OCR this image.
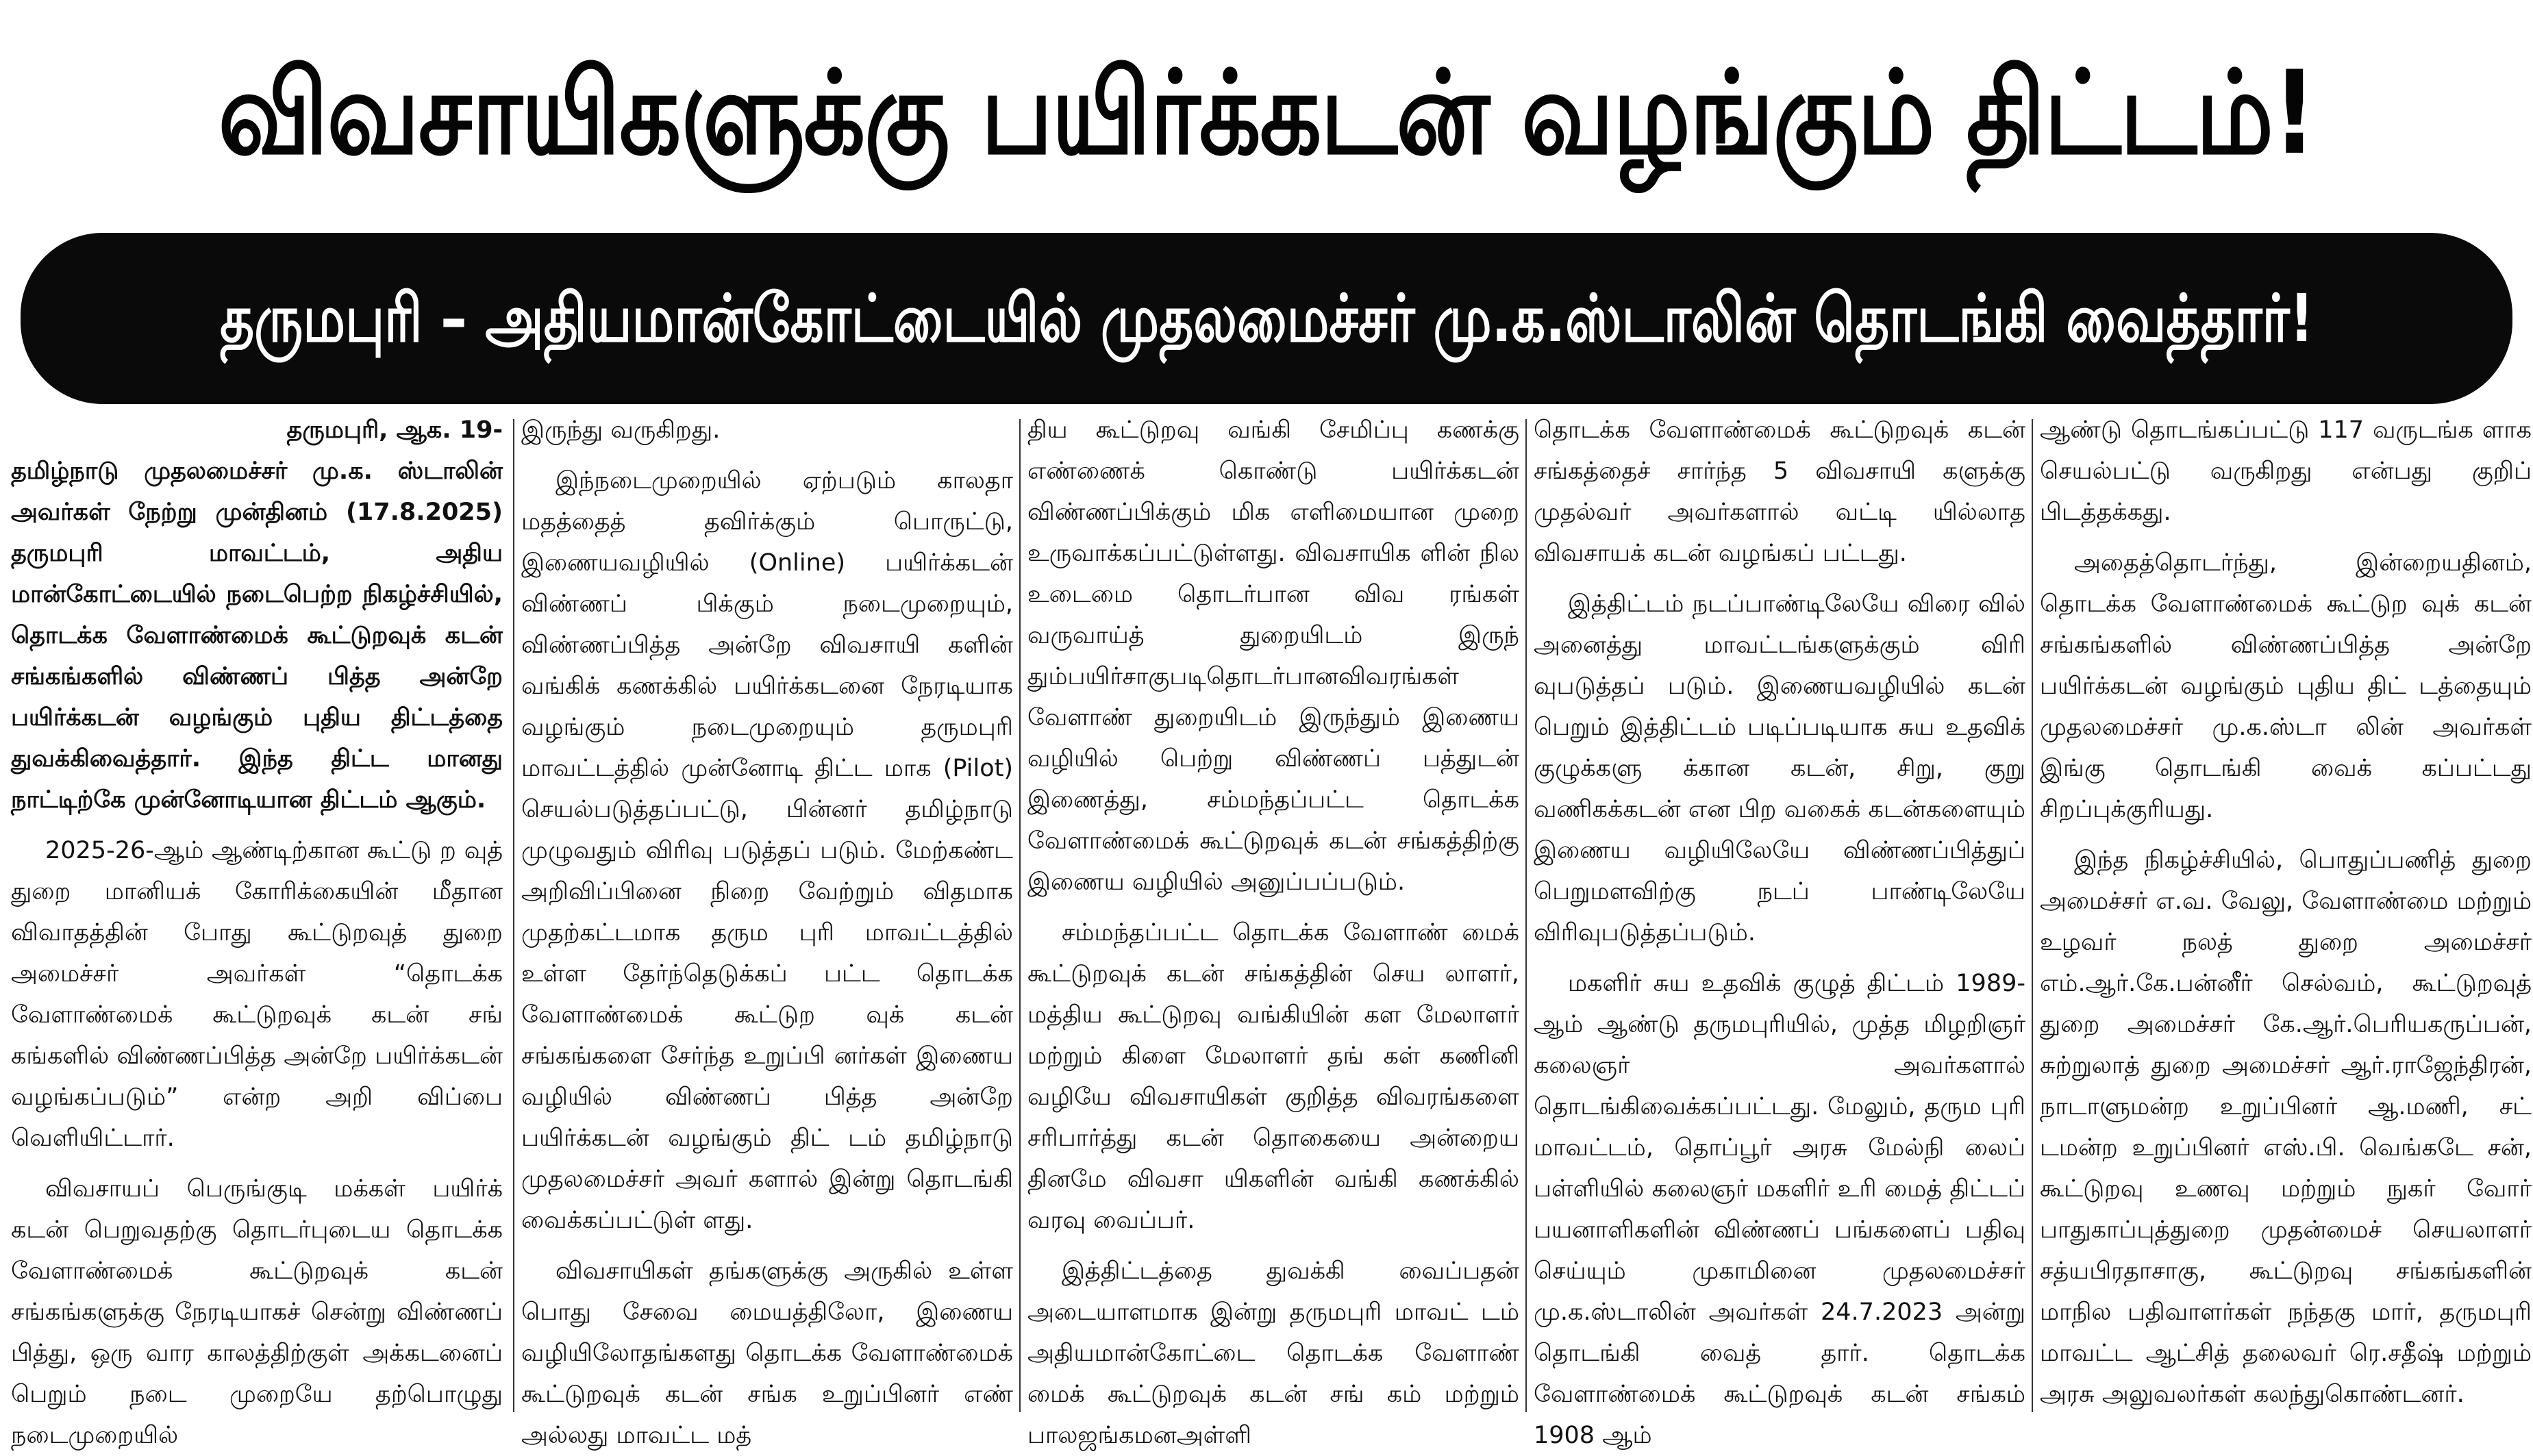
விவசாயிகளுக்கு பயிர்க்கடன் வழங்கும் திட்டம்!
தருமபுரி – அதியமான்கோட்டையில் முதலமைச்சர் மு.க.ஸ்டாலின் தொடங்கி வைத்தார்!

தருமபுரி, ஆக. 19-
தமிழ்நாடு முதலமைச்சர் மு.க. ஸ்டாலின் அவர்கள் நேற்று முன்தினம் (17.8.2025) தருமபுரி மாவட்டம், அதிய மான்கோட்டையில் நடைபெற்ற நிகழ்ச்சியில், தொடக்க வேளாண்மைக் கூட்டுறவுக் கடன் சங்கங்களில் விண்ணப் பித்த அன்றே பயிர்க்கடன் வழங்கும் புதிய திட்டத்தை துவக்கிவைத்தார். இந்த திட்ட மானது நாட்டிற்கே முன்னோடியான திட்டம் ஆகும்.

2025-26-ஆம் ஆண்டிற்கான கூட்டு ற வுத் துறை மானியக் கோரிக்கையின் மீதான விவாதத்தின் போது கூட்டுறவுத் துறை அமைச்சர் அவர்கள் “தொடக்க வேளாண்மைக் கூட்டுறவுக் கடன் சங் கங்களில் விண்ணப்பித்த அன்றே பயிர்க்கடன் வழங்கப்படும்” என்ற அறி விப்பை வெளியிட்டார்.

விவசாயப் பெருங்குடி மக்கள் பயிர்க் கடன் பெறுவதற்கு தொடர்புடைய தொடக்க வேளாண்மைக் கூட்டுறவுக் கடன் சங்கங்களுக்கு நேரடியாகச் சென்று விண்ணப் பித்து, ஒரு வார காலத்திற்குள் அக்கடனைப் பெறும் நடை முறையே தற்பொழுது நடைமுறையில்

இருந்து வருகிறது.

இந்நடைமுறையில் ஏற்படும் காலதா மதத்தைத் தவிர்க்கும் பொருட்டு, இணையவழியில் (Online) பயிர்க்கடன் விண்ணப் பிக்கும் நடைமுறையும், விண்ணப்பித்த அன்றே விவசாயி களின் வங்கிக் கணக்கில் பயிர்க்கடனை நேரடியாக வழங்கும் நடைமுறையும் தருமபுரி மாவட்டத்தில் முன்னோடி திட்ட மாக (Pilot) செயல்படுத்தப்பட்டு, பின்னர் தமிழ்நாடு முழுவதும் விரிவு படுத்தப் படும். மேற்கண்ட அறிவிப்பினை நிறை வேற்றும் விதமாக முதற்கட்டமாக தரும புரி மாவட்டத்தில் உள்ள தேர்ந்தெடுக்கப் பட்ட தொடக்க வேளாண்மைக் கூட்டுற வுக் கடன் சங்கங்களை சேர்ந்த உறுப்பி னர்கள் இணைய வழியில் விண்ணப் பித்த அன்றே பயிர்க்கடன் வழங்கும் திட் டம் தமிழ்நாடு முதலமைச்சர் அவர் களால் இன்று தொடங்கி வைக்கப்பட்டுள் ளது.

விவசாயிகள் தங்களுக்கு அருகில் உள்ள பொது சேவை மையத்திலோ, இணைய வழியிலோதங்களது தொடக்க வேளாண்மைக் கூட்டுறவுக் கடன் சங்க உறுப்பினர் எண் அல்லது மாவட்ட மத்

திய கூட்டுறவு வங்கி சேமிப்பு கணக்கு எண்ணைக் கொண்டு பயிர்க்கடன் விண்ணப்பிக்கும் மிக எளிமையான முறை உருவாக்கப்பட்டுள்ளது. விவசாயிக ளின் நில உடைமை தொடர்பான விவ ரங்கள் வருவாய்த் துறையிடம் இருந் தும்பயிர்சாகுபடிதொடர்பானவிவரங்கள் வேளாண் துறையிடம் இருந்தும் இணைய வழியில் பெற்று விண்ணப் பத்துடன் இணைத்து, சம்மந்தப்பட்ட தொடக்க வேளாண்மைக் கூட்டுறவுக் கடன் சங்கத்திற்கு இணைய வழியில் அனுப்பப்படும்.

சம்மந்தப்பட்ட தொடக்க வேளாண் மைக் கூட்டுறவுக் கடன் சங்கத்தின் செய லாளர், மத்திய கூட்டுறவு வங்கியின் கள மேலாளர் மற்றும் கிளை மேலாளர் தங் கள் கணினி வழியே விவசாயிகள் குறித்த விவரங்களை சரிபார்த்து கடன் தொகையை அன்றைய தினமே விவசா யிகளின் வங்கி கணக்கில் வரவு வைப்பர்.

இத்திட்டத்தை துவக்கி வைப்பதன் அடையாளமாக இன்று தருமபுரி மாவட் டம் அதியமான்கோட்டை தொடக்க வேளாண் மைக் கூட்டுறவுக் கடன் சங் கம் மற்றும் பாலஜங்கமனஅள்ளி

தொடக்க வேளாண்மைக் கூட்டுறவுக் கடன் சங்கத்தைச் சார்ந்த 5 விவசாயி களுக்கு முதல்வர் அவர்களால் வட்டி யில்லாத விவசாயக் கடன் வழங்கப் பட்டது.

இத்திட்டம் நடப்பாண்டிலேயே விரை வில் அனைத்து மாவட்டங்களுக்கும் விரி வுபடுத்தப் படும். இணையவழியில் கடன் பெறும் இத்திட்டம் படிப்படியாக சுய உதவிக் குழுக்களு க்கான கடன், சிறு, குறு வணிகக்கடன் என பிற வகைக் கடன்களையும் இணைய வழியிலேயே விண்ணப்பித்துப் பெறுமளவிற்கு நடப் பாண்டிலேயே விரிவுபடுத்தப்படும்.

மகளிர் சுய உதவிக் குழுத் திட்டம் 1989-ஆம் ஆண்டு தருமபுரியில், முத்த மிழறிஞர் கலைஞர் அவர்களால் தொடங்கிவைக்கப்பட்டது. மேலும், தரும புரி மாவட்டம், தொப்பூர் அரசு மேல்நி லைப் பள்ளியில் கலைஞர் மகளிர் உரி மைத் திட்டப் பயனாளிகளின் விண்ணப் பங்களைப் பதிவு செய்யும் முகாமினை முதலமைச்சர் மு.க.ஸ்டாலின் அவர்கள் 24.7.2023 அன்று தொடங்கி வைத் தார். தொடக்க வேளாண்மைக் கூட்டுறவுக் கடன் சங்கம் 1908 ஆம்

ஆண்டு தொடங்கப்பட்டு 117 வருடங்க ளாக செயல்பட்டு வருகிறது என்பது குறிப் பிடத்தக்கது.

அதைத்தொடர்ந்து, இன்றையதினம், தொடக்க வேளாண்மைக் கூட்டுற வுக் கடன் சங்கங்களில் விண்ணப்பித்த அன்றே பயிர்க்கடன் வழங்கும் புதிய திட் டத்தையும் முதலமைச்சர் மு.க.ஸ்டா லின் அவர்கள் இங்கு தொடங்கி வைக் கப்பட்டது சிறப்புக்குரியது.

இந்த நிகழ்ச்சியில், பொதுப்பணித் துறை அமைச்சர் எ.வ. வேலு, வேளாண்மை மற்றும் உழவர் நலத் துறை அமைச்சர் எம்.ஆர்.கே.பன்னீர் செல்வம், கூட்டுறவுத் துறை அமைச்சர் கே.ஆர்.பெரியகருப்பன், சுற்றுலாத் துறை அமைச்சர் ஆர்.ராஜேந்திரன், நாடாளுமன்ற உறுப்பினர் ஆ.மணி, சட் டமன்ற உறுப்பினர் எஸ்.பி. வெங்கடே சன், கூட்டுறவு உணவு மற்றும் நுகர் வோர் பாதுகாப்புத்துறை முதன்மைச் செயலாளர் சத்யபிரதாசாகு, கூட்டுறவு சங்கங்களின் மாநில பதிவாளர்கள் நந்தகு மார், தருமபுரி மாவட்ட ஆட்சித் தலைவர் ரெ.சதீஷ் மற்றும் அரசு அலுவலர்கள் கலந்துகொண்டனர்.
